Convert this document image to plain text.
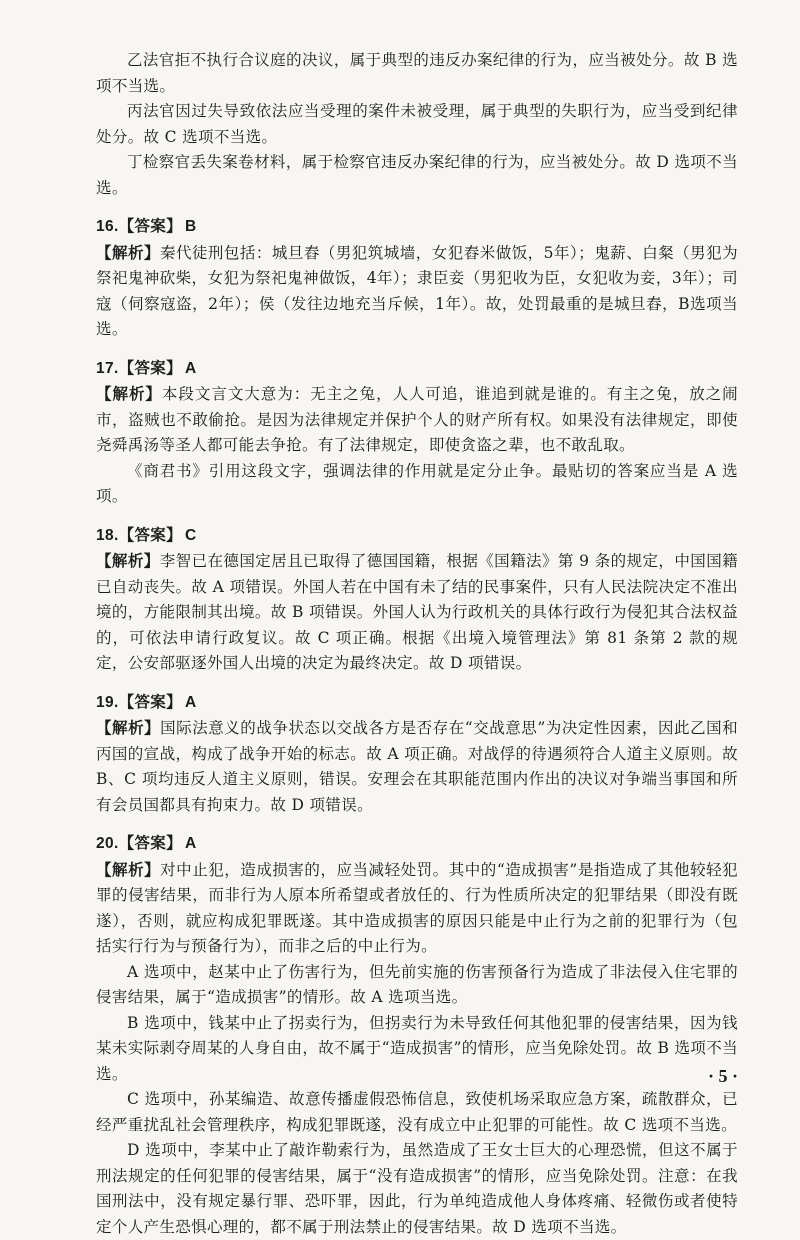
乙法官拒不执行合议庭的决议，属于典型的违反办案纪律的行为，应当被处分。故 B 选项不当选。

丙法官因过失导致依法应当受理的案件未被受理，属于典型的失职行为，应当受到纪律处分。故 C 选项不当选。

丁检察官丢失案卷材料，属于检察官违反办案纪律的行为，应当被处分。故 D 选项不当选。

16.【答案】 B

【解析】秦代徒刑包括：城旦舂（男犯筑城墙，女犯舂米做饭，5年）；鬼薪、白粲（男犯为祭祀鬼神砍柴，女犯为祭祀鬼神做饭，4年）；隶臣妾（男犯收为臣，女犯收为妾，3年）；司寇（伺察寇盗，2年）；侯（发往边地充当斥候，1年）。故，处罚最重的是城旦舂，B选项当选。

17.【答案】 A

【解析】本段文言文大意为：无主之兔，人人可追，谁追到就是谁的。有主之兔，放之闹市，盗贼也不敢偷抢。是因为法律规定并保护个人的财产所有权。如果没有法律规定，即使尧舜禹汤等圣人都可能去争抢。有了法律规定，即使贪盗之辈，也不敢乱取。

《商君书》引用这段文字，强调法律的作用就是定分止争。最贴切的答案应当是 A 选项。

18.【答案】 C

【解析】李智已在德国定居且已取得了德国国籍，根据《国籍法》第 9 条的规定，中国国籍已自动丧失。故 A 项错误。外国人若在中国有未了结的民事案件，只有人民法院决定不准出境的，方能限制其出境。故 B 项错误。外国人认为行政机关的具体行政行为侵犯其合法权益的，可依法申请行政复议。故 C 项正确。根据《出境入境管理法》第 81 条第 2 款的规定，公安部驱逐外国人出境的决定为最终决定。故 D 项错误。

19.【答案】 A

【解析】国际法意义的战争状态以交战各方是否存在“交战意思”为决定性因素，因此乙国和丙国的宣战，构成了战争开始的标志。故 A 项正确。对战俘的待遇须符合人道主义原则。故 B、C 项均违反人道主义原则，错误。安理会在其职能范围内作出的决议对争端当事国和所有会员国都具有拘束力。故 D 项错误。

20.【答案】 A

【解析】对中止犯，造成损害的，应当减轻处罚。其中的“造成损害”是指造成了其他较轻犯罪的侵害结果，而非行为人原本所希望或者放任的、行为性质所决定的犯罪结果（即没有既遂），否则，就应构成犯罪既遂。其中造成损害的原因只能是中止行为之前的犯罪行为（包括实行行为与预备行为），而非之后的中止行为。

A 选项中，赵某中止了伤害行为，但先前实施的伤害预备行为造成了非法侵入住宅罪的侵害结果，属于“造成损害”的情形。故 A 选项当选。

B 选项中，钱某中止了拐卖行为，但拐卖行为未导致任何其他犯罪的侵害结果，因为钱某未实际剥夺周某的人身自由，故不属于“造成损害”的情形，应当免除处罚。故 B 选项不当选。

C 选项中，孙某编造、故意传播虚假恐怖信息，致使机场采取应急方案，疏散群众，已经严重扰乱社会管理秩序，构成犯罪既遂，没有成立中止犯罪的可能性。故 C 选项不当选。

D 选项中，李某中止了敲诈勒索行为，虽然造成了王女士巨大的心理恐慌，但这不属于刑法规定的任何犯罪的侵害结果，属于“没有造成损害”的情形，应当免除处罚。注意：在我国刑法中，没有规定暴行罪、恐吓罪，因此，行为单纯造成他人身体疼痛、轻微伤或者使特定个人产生恐惧心理的，都不属于刑法禁止的侵害结果。故 D 选项不当选。

· 5 ·
